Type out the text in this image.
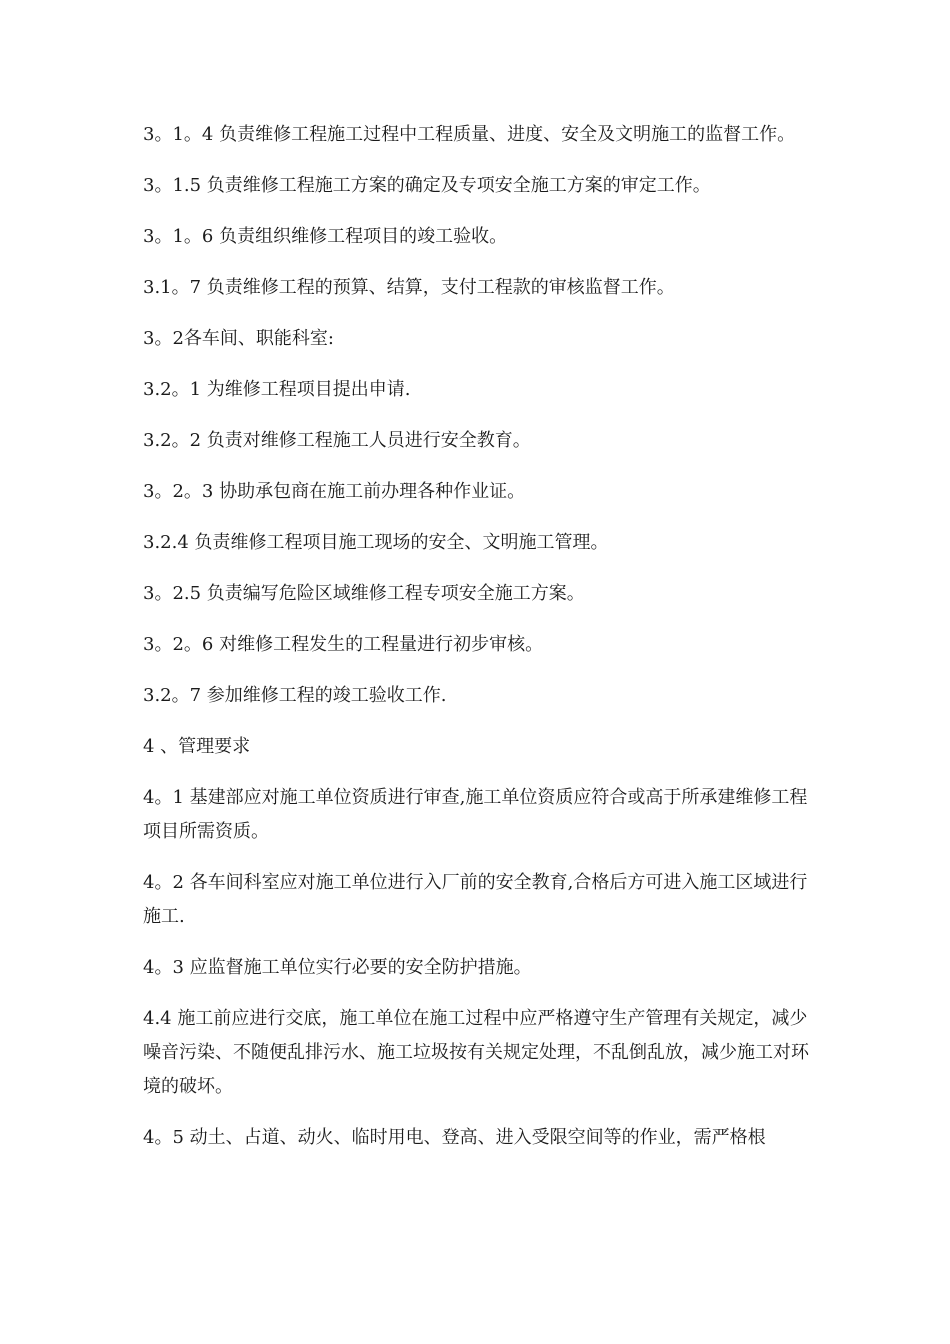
3。1。4 负责维修工程施工过程中工程质量、进度、安全及文明施工的监督工作。

3。1.5 负责维修工程施工方案的确定及专项安全施工方案的审定工作。

3。1。6 负责组织维修工程项目的竣工验收。

3.1。7 负责维修工程的预算、结算，支付工程款的审核监督工作。

3。2各车间、职能科室:

3.2。1 为维修工程项目提出申请.

3.2。2 负责对维修工程施工人员进行安全教育。

3。2。3 协助承包商在施工前办理各种作业证。

3.2.4 负责维修工程项目施工现场的安全、文明施工管理。

3。2.5 负责编写危险区域维修工程专项安全施工方案。

3。2。6 对维修工程发生的工程量进行初步审核。

3.2。7 参加维修工程的竣工验收工作.

4 、管理要求

4。1 基建部应对施工单位资质进行审查,施工单位资质应符合或高于所承建维修工程项目所需资质。

4。2 各车间科室应对施工单位进行入厂前的安全教育,合格后方可进入施工区域进行施工.

4。3 应监督施工单位实行必要的安全防护措施。

4.4 施工前应进行交底，施工单位在施工过程中应严格遵守生产管理有关规定，减少噪音污染、不随便乱排污水、施工垃圾按有关规定处理，不乱倒乱放，减少施工对环境的破坏。

4。5 动土、占道、动火、临时用电、登高、进入受限空间等的作业，需严格根
